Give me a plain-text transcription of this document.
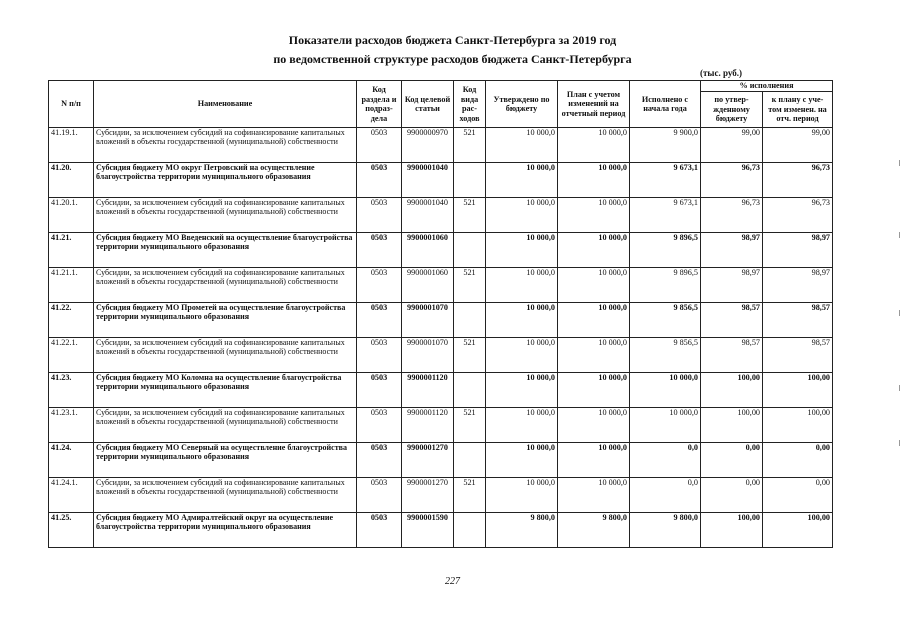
Показатели расходов бюджета Санкт-Петербурга за 2019 год
по ведомственной структуре расходов бюджета Санкт-Петербурга
(тыс. руб.)
N п/п	Наименование	Код раздела и подраз-дела	Код целевой статьи	Код вида рас-ходов	Утверждено по бюджету	План с учетом изменений на отчетный период	Исполнено с начала года	% исполнения	
								по утвер-жденному бюджету	к плану с уче-том изменен. на отч. период
41.19.1.	Субсидии, за исключением субсидий на софинансирование капитальных вложений в объекты государственной (муниципальной) собственности	0503	9900000970	521	10 000,0	10 000,0	9 900,0	99,00	99,00
41.20.	Субсидия бюджету МО округ Петровский на осуществление благоустройства территории муниципального образования	0503	9900001040		10 000,0	10 000,0	9 673,1	96,73	96,73
41.20.1.	Субсидии, за исключением субсидий на софинансирование капитальных вложений в объекты государственной (муниципальной) собственности	0503	9900001040	521	10 000,0	10 000,0	9 673,1	96,73	96,73
41.21.	Субсидия бюджету МО Введенский на осуществление благоустройства территории муниципального образования	0503	9900001060		10 000,0	10 000,0	9 896,5	98,97	98,97
41.21.1.	Субсидии, за исключением субсидий на софинансирование капитальных вложений в объекты государственной (муниципальной) собственности	0503	9900001060	521	10 000,0	10 000,0	9 896,5	98,97	98,97
41.22.	Субсидия бюджету МО Прометей на осуществление благоустройства территории муниципального образования	0503	9900001070		10 000,0	10 000,0	9 856,5	98,57	98,57
41.22.1.	Субсидии, за исключением субсидий на софинансирование капитальных вложений в объекты государственной (муниципальной) собственности	0503	9900001070	521	10 000,0	10 000,0	9 856,5	98,57	98,57
41.23.	Субсидия бюджету МО Коломна на осуществление благоустройства территории муниципального образования	0503	9900001120		10 000,0	10 000,0	10 000,0	100,00	100,00
41.23.1.	Субсидии, за исключением субсидий на софинансирование капитальных вложений в объекты государственной (муниципальной) собственности	0503	9900001120	521	10 000,0	10 000,0	10 000,0	100,00	100,00
41.24.	Субсидия бюджету МО Северный на осуществление благоустройства территории муниципального образования	0503	9900001270		10 000,0	10 000,0	0,0	0,00	0,00
41.24.1.	Субсидии, за исключением субсидий на софинансирование капитальных вложений в объекты государственной (муниципальной) собственности	0503	9900001270	521	10 000,0	10 000,0	0,0	0,00	0,00
41.25.	Субсидия бюджету МО Адмиралтейский округ на осуществление благоустройства территории муниципального образования	0503	9900001590		9 800,0	9 800,0	9 800,0	100,00	100,00
227
